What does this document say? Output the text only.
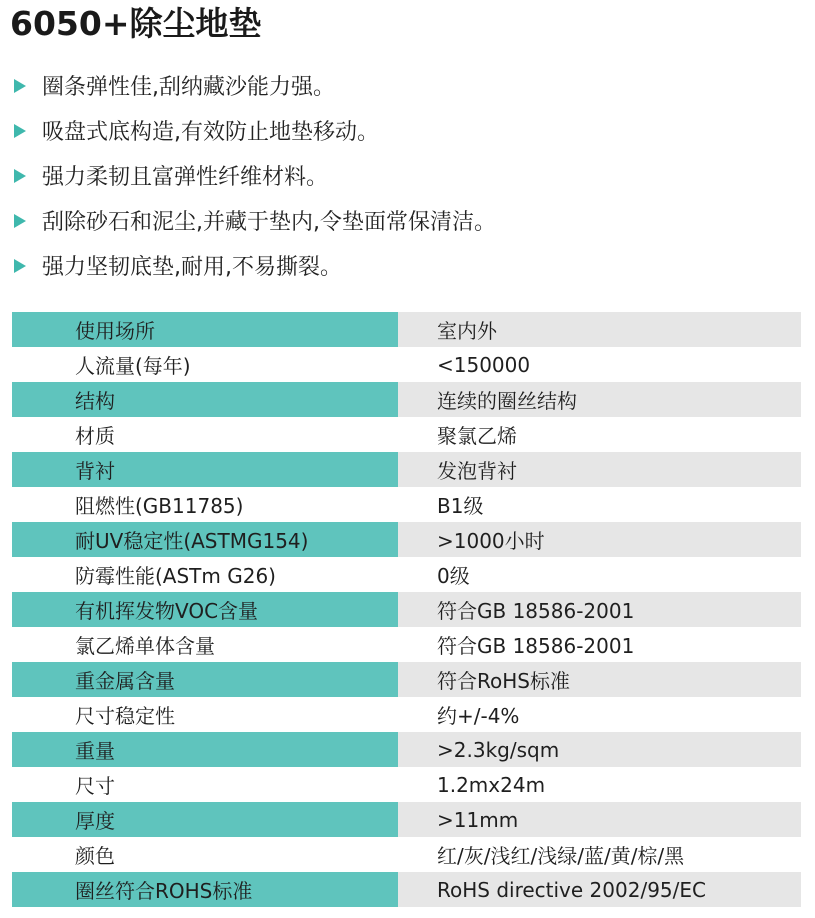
6050+除尘地垫
圈条弹性佳,刮纳藏沙能力强。
吸盘式底构造,有效防止地垫移动。
强力柔韧且富弹性纤维材料。
刮除砂石和泥尘,并藏于垫内,令垫面常保清洁。
强力坚韧底垫,耐用,不易撕裂。
使用场所	室内外
人流量(每年)	<150000
结构	连续的圈丝结构
材质	聚氯乙烯
背衬	发泡背衬
阻燃性(GB11785)	B1级
耐UV稳定性(ASTMG154)	>1000小时
防霉性能(ASTm G26)	0级
有机挥发物VOC含量	符合GB 18586-2001
氯乙烯单体含量	符合GB 18586-2001
重金属含量	符合RoHS标准
尺寸稳定性	约+/-4%
重量	>2.3kg/sqm
尺寸	1.2mx24m
厚度	>11mm
颜色	红/灰/浅红/浅绿/蓝/黄/棕/黑
圈丝符合ROHS标准	RoHS directive 2002/95/EC
